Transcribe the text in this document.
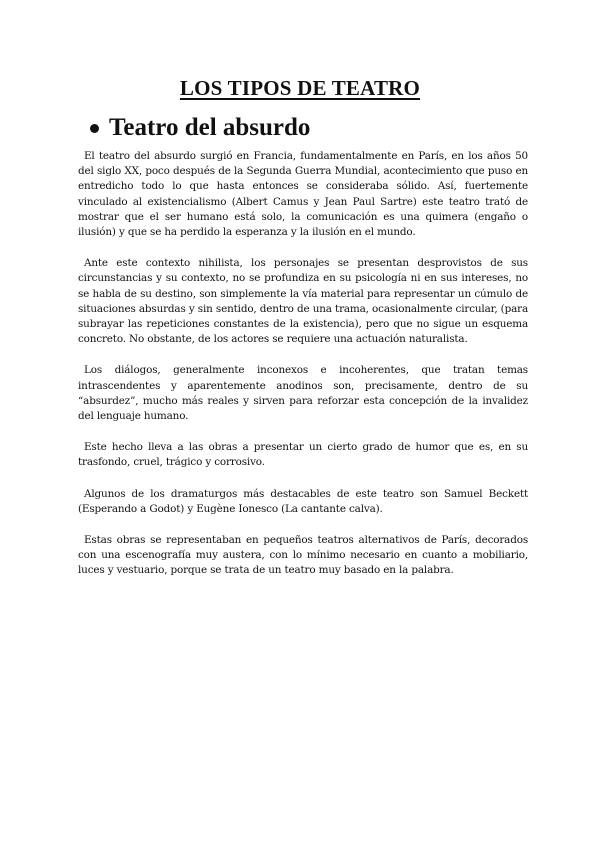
LOS TIPOS DE TEATRO
Teatro del absurdo

El teatro del absurdo surgió en Francia, fundamentalmente en París, en los años 50 del siglo XX, poco después de la Segunda Guerra Mundial, acontecimiento que puso en entredicho todo lo que hasta entonces se consideraba sólido. Así, fuertemente vinculado al existencialismo (Albert Camus y Jean Paul Sartre) este teatro trató de mostrar que el ser humano está solo, la comunicación es una quimera (engaño o ilusión) y que se ha perdido la esperanza y la ilusión en el mundo.

Ante este contexto nihilista, los personajes se presentan desprovistos de sus circunstancias y su contexto, no se profundiza en su psicología ni en sus intereses, no se habla de su destino, son simplemente la vía material para representar un cúmulo de situaciones absurdas y sin sentido, dentro de una trama, ocasionalmente circular, (para subrayar las repeticiones constantes de la existencia), pero que no sigue un esquema concreto. No obstante, de los actores se requiere una actuación naturalista.

Los diálogos, generalmente inconexos e incoherentes, que tratan temas intrascendentes y aparentemente anodinos son, precisamente, dentro de su “absurdez”, mucho más reales y sirven para reforzar esta concepción de la invalidez del lenguaje humano.

Este hecho lleva a las obras a presentar un cierto grado de humor que es, en su trasfondo, cruel, trágico y corrosivo.

Algunos de los dramaturgos más destacables de este teatro son Samuel Beckett (Esperando a Godot) y Eugène Ionesco (La cantante calva).

Estas obras se representaban en pequeños teatros alternativos de París, decorados con una escenografía muy austera, con lo mínimo necesario en cuanto a mobiliario, luces y vestuario, porque se trata de un teatro muy basado en la palabra.
